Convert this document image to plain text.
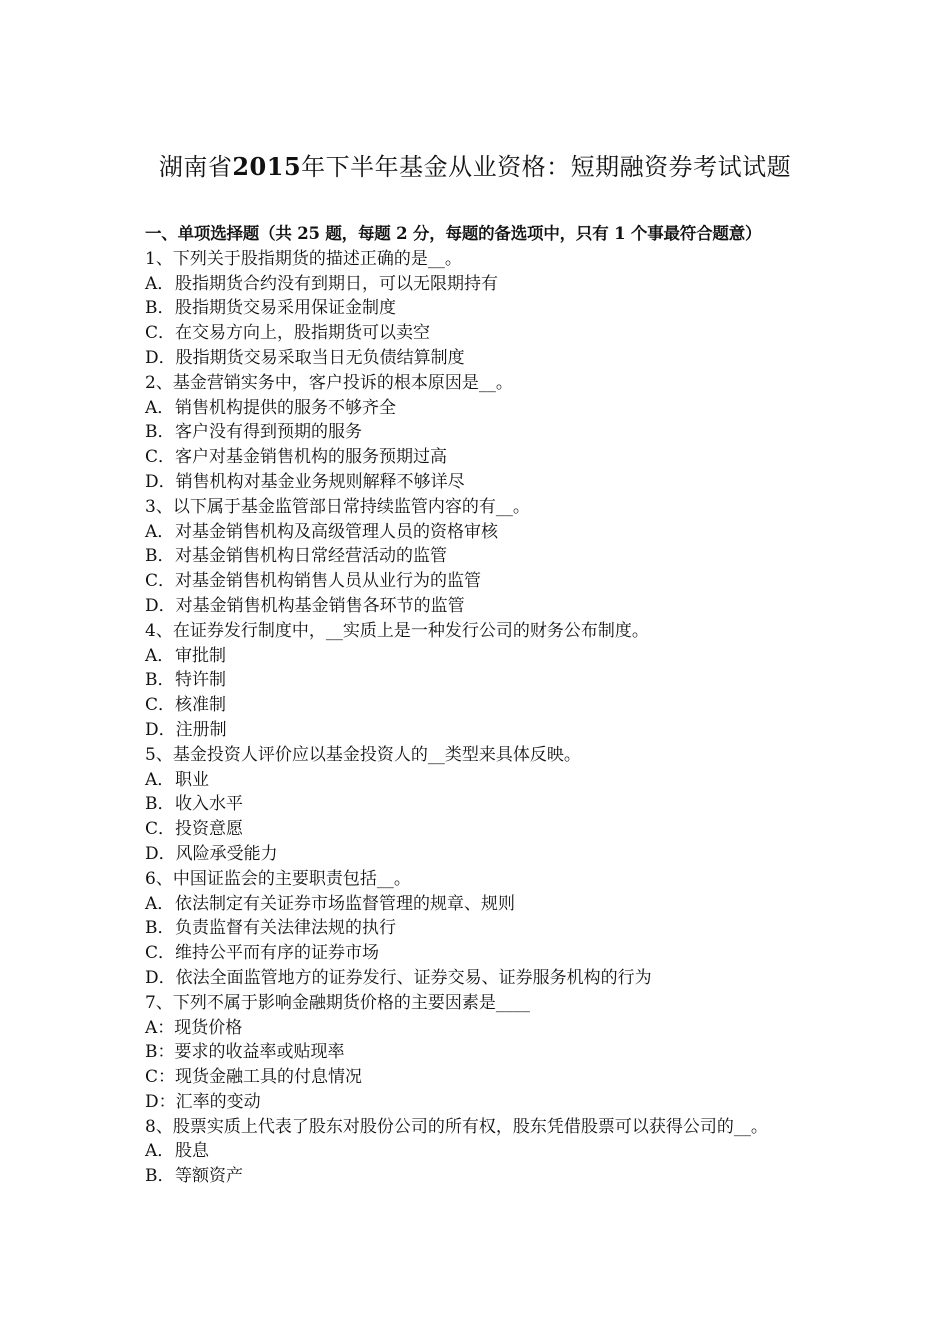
湖南省2015年下半年基金从业资格：短期融资券考试试题
一、单项选择题（共 25 题，每题 2 分，每题的备选项中，只有 1 个事最符合题意）
1、下列关于股指期货的描述正确的是__。
A．股指期货合约没有到期日，可以无限期持有
B．股指期货交易采用保证金制度
C．在交易方向上，股指期货可以卖空
D．股指期货交易采取当日无负债结算制度
2、基金营销实务中，客户投诉的根本原因是__。
A．销售机构提供的服务不够齐全
B．客户没有得到预期的服务
C．客户对基金销售机构的服务预期过高
D．销售机构对基金业务规则解释不够详尽
3、以下属于基金监管部日常持续监管内容的有__。
A．对基金销售机构及高级管理人员的资格审核
B．对基金销售机构日常经营活动的监管
C．对基金销售机构销售人员从业行为的监管
D．对基金销售机构基金销售各环节的监管
4、在证券发行制度中，__实质上是一种发行公司的财务公布制度。
A．审批制
B．特许制
C．核准制
D．注册制
5、基金投资人评价应以基金投资人的__类型来具体反映。
A．职业
B．收入水平
C．投资意愿
D．风险承受能力
6、中国证监会的主要职责包括__。
A．依法制定有关证券市场监督管理的规章、规则
B．负责监督有关法律法规的执行
C．维持公平而有序的证券市场
D．依法全面监管地方的证券发行、证券交易、证券服务机构的行为
7、下列不属于影响金融期货价格的主要因素是____
A：现货价格
B：要求的收益率或贴现率
C：现货金融工具的付息情况
D：汇率的变动
8、股票实质上代表了股东对股份公司的所有权，股东凭借股票可以获得公司的__。
A．股息
B．等额资产
